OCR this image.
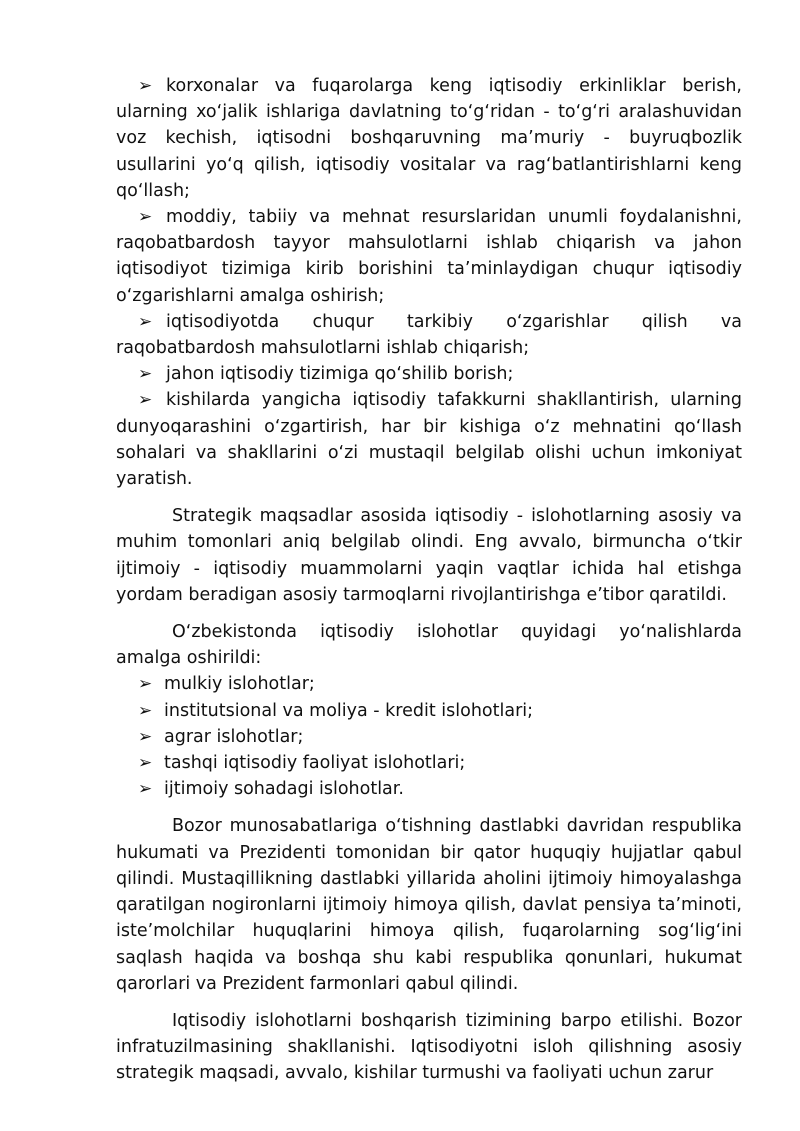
➢ korxonalar va fuqarolarga keng iqtisodiy erkinliklar berish, ularning xo‘jalik ishlariga davlatning to‘g‘ridan - to‘g‘ri aralashuvidan voz kechish, iqtisodni boshqaruvning ma’muriy - buyruqbozlik usullarini yo‘q qilish, iqtisodiy vositalar va rag‘batlantirishlarni keng qo‘llash;

➢ moddiy, tabiiy va mehnat resurslaridan unumli foydalanishni, raqobatbardosh tayyor mahsulotlarni ishlab chiqarish va jahon iqtisodiyot tizimiga kirib borishini ta’minlaydigan chuqur iqtisodiy o‘zgarishlarni amalga oshirish;

➢ iqtisodiyotda chuqur tarkibiy o‘zgarishlar qilish va raqobatbardosh mahsulotlarni ishlab chiqarish;

➢ jahon iqtisodiy tizimiga qo‘shilib borish;

➢ kishilarda yangicha iqtisodiy tafakkurni shakllantirish, ularning dunyoqarashini o‘zgartirish, har bir kishiga o‘z mehnatini qo‘llash sohalari va shakllarini o‘zi mustaqil belgilab olishi uchun imkoniyat yaratish.

Strategik maqsadlar asosida iqtisodiy - islohotlarning asosiy va muhim tomonlari aniq belgilab olindi. Eng avvalo, birmuncha o‘tkir ijtimoiy - iqtisodiy muammolarni yaqin vaqtlar ichida hal etishga yordam beradigan asosiy tarmoqlarni rivojlantirishga e’tibor qaratildi.

O‘zbekistonda iqtisodiy islohotlar quyidagi yo‘nalishlarda amalga oshirildi:

➢ mulkiy islohotlar;
➢ institutsional va moliya - kredit islohotlari;
➢ agrar islohotlar;
➢ tashqi iqtisodiy faoliyat islohotlari;
➢ ijtimoiy sohadagi islohotlar.

Bozor munosabatlariga o‘tishning dastlabki davridan respublika hukumati va Prezidenti tomonidan bir qator huquqiy hujjatlar qabul qilindi. Mustaqillikning dastlabki yillarida aholini ijtimoiy himoyalashga qaratilgan nogironlarni ijtimoiy himoya qilish, davlat pensiya ta’minoti, iste’molchilar huquqlarini himoya qilish, fuqarolarning sog‘lig‘ini saqlash haqida va boshqa shu kabi respublika qonunlari, hukumat qarorlari va Prezident farmonlari qabul qilindi.

Iqtisodiy islohotlarni boshqarish tizimining barpo etilishi. Bozor infratuzilmasining shakllanishi. Iqtisodiyotni isloh qilishning asosiy strategik maqsadi, avvalo, kishilar turmushi va faoliyati uchun zarur
